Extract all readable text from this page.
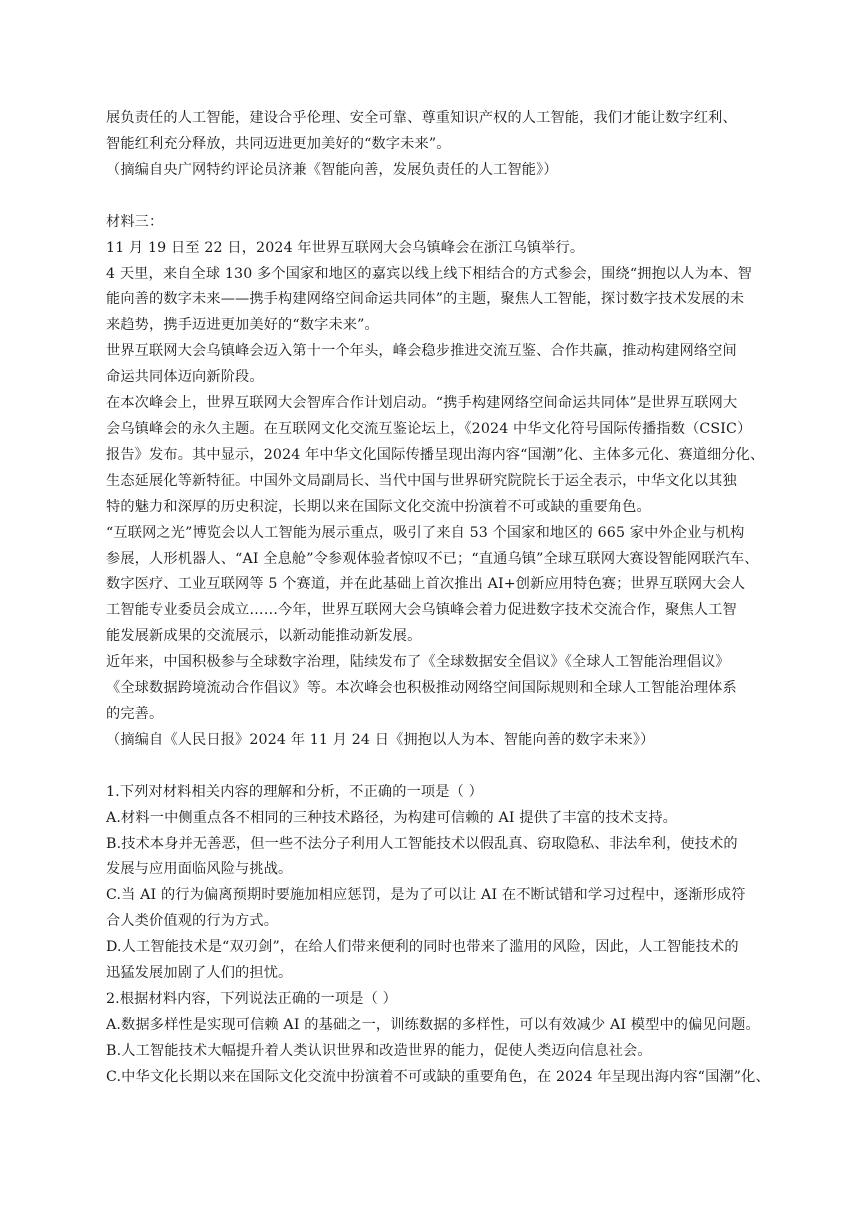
展负责任的人工智能，建设合乎伦理、安全可靠、尊重知识产权的人工智能，我们才能让数字红利、
智能红利充分释放，共同迈进更加美好的“数字未来”。
（摘编自央广网特约评论员济兼《智能向善，发展负责任的人工智能》）
材料三：
11 月 19 日至 22 日，2024 年世界互联网大会乌镇峰会在浙江乌镇举行。
4 天里，来自全球 130 多个国家和地区的嘉宾以线上线下相结合的方式参会，围绕“拥抱以人为本、智
能向善的数字未来——携手构建网络空间命运共同体”的主题，聚焦人工智能，探讨数字技术发展的未
来趋势，携手迈进更加美好的“数字未来”。
世界互联网大会乌镇峰会迈入第十一个年头，峰会稳步推进交流互鉴、合作共赢，推动构建网络空间
命运共同体迈向新阶段。
在本次峰会上，世界互联网大会智库合作计划启动。“携手构建网络空间命运共同体”是世界互联网大
会乌镇峰会的永久主题。在互联网文化交流互鉴论坛上，《2024 中华文化符号国际传播指数（CSIC）
报告》发布。其中显示，2024 年中华文化国际传播呈现出海内容“国潮”化、主体多元化、赛道细分化、
生态延展化等新特征。中国外文局副局长、当代中国与世界研究院院长于运全表示，中华文化以其独
特的魅力和深厚的历史积淀，长期以来在国际文化交流中扮演着不可或缺的重要角色。
“互联网之光”博览会以人工智能为展示重点，吸引了来自 53 个国家和地区的 665 家中外企业与机构
参展，人形机器人、“AI 全息舱”令参观体验者惊叹不已；“直通乌镇”全球互联网大赛设智能网联汽车、
数字医疗、工业互联网等 5 个赛道，并在此基础上首次推出 AI+创新应用特色赛；世界互联网大会人
工智能专业委员会成立……今年，世界互联网大会乌镇峰会着力促进数字技术交流合作，聚焦人工智
能发展新成果的交流展示，以新动能推动新发展。
近年来，中国积极参与全球数字治理，陆续发布了《全球数据安全倡议》《全球人工智能治理倡议》
《全球数据跨境流动合作倡议》等。本次峰会也积极推动网络空间国际规则和全球人工智能治理体系
的完善。
（摘编自《人民日报》2024 年 11 月 24 日《拥抱以人为本、智能向善的数字未来》）
1.下列对材料相关内容的理解和分析，不正确的一项是（ ）
A.材料一中侧重点各不相同的三种技术路径，为构建可信赖的 AI 提供了丰富的技术支持。
B.技术本身并无善恶，但一些不法分子利用人工智能技术以假乱真、窃取隐私、非法牟利，使技术的
发展与应用面临风险与挑战。
C.当 AI 的行为偏离预期时要施加相应惩罚，是为了可以让 AI 在不断试错和学习过程中，逐渐形成符
合人类价值观的行为方式。
D.人工智能技术是“双刃剑”，在给人们带来便利的同时也带来了滥用的风险，因此，人工智能技术的
迅猛发展加剧了人们的担忧。
2.根据材料内容，下列说法正确的一项是（ ）
A.数据多样性是实现可信赖 AI 的基础之一，训练数据的多样性，可以有效减少 AI 模型中的偏见问题。
B.人工智能技术大幅提升着人类认识世界和改造世界的能力，促使人类迈向信息社会。
C.中华文化长期以来在国际文化交流中扮演着不可或缺的重要角色，在 2024 年呈现出海内容“国潮”化、
